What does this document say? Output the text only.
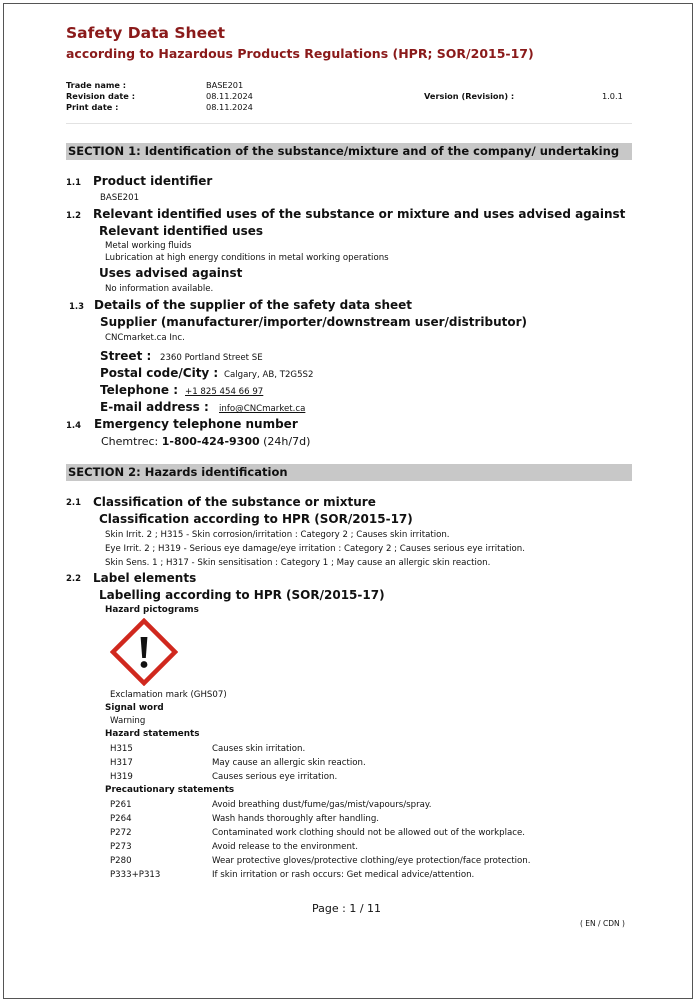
Safety Data Sheet
according to Hazardous Products Regulations (HPR; SOR/2015-17)
Trade name :	BASE201
Revision date :	08.11.2024	Version (Revision) :	1.0.1
Print date :	08.11.2024
SECTION 1: Identification of the substance/mixture and of the company/ undertaking
1.1 Product identifier
BASE201
1.2 Relevant identified uses of the substance or mixture and uses advised against
Relevant identified uses
Metal working fluids
Lubrication at high energy conditions in metal working operations
Uses advised against
No information available.
1.3 Details of the supplier of the safety data sheet
Supplier (manufacturer/importer/downstream user/distributor)
CNCmarket.ca Inc.
Street : 2360 Portland Street SE
Postal code/City : Calgary, AB, T2G5S2
Telephone : +1 825 454 66 97
E-mail address : info@CNCmarket.ca
1.4 Emergency telephone number
Chemtrec: 1-800-424-9300 (24h/7d)
SECTION 2: Hazards identification
2.1 Classification of the substance or mixture
Classification according to HPR (SOR/2015-17)
Skin Irrit. 2 ; H315 - Skin corrosion/irritation : Category 2 ; Causes skin irritation.
Eye Irrit. 2 ; H319 - Serious eye damage/eye irritation : Category 2 ; Causes serious eye irritation.
Skin Sens. 1 ; H317 - Skin sensitisation : Category 1 ; May cause an allergic skin reaction.
2.2 Label elements
Labelling according to HPR (SOR/2015-17)
Hazard pictograms
Exclamation mark (GHS07)
Signal word
Warning
Hazard statements
H315	Causes skin irritation.
H317	May cause an allergic skin reaction.
H319	Causes serious eye irritation.
Precautionary statements
P261	Avoid breathing dust/fume/gas/mist/vapours/spray.
P264	Wash hands thoroughly after handling.
P272	Contaminated work clothing should not be allowed out of the workplace.
P273	Avoid release to the environment.
P280	Wear protective gloves/protective clothing/eye protection/face protection.
P333+P313	If skin irritation or rash occurs: Get medical advice/attention.
Page : 1 / 11
( EN / CDN )
